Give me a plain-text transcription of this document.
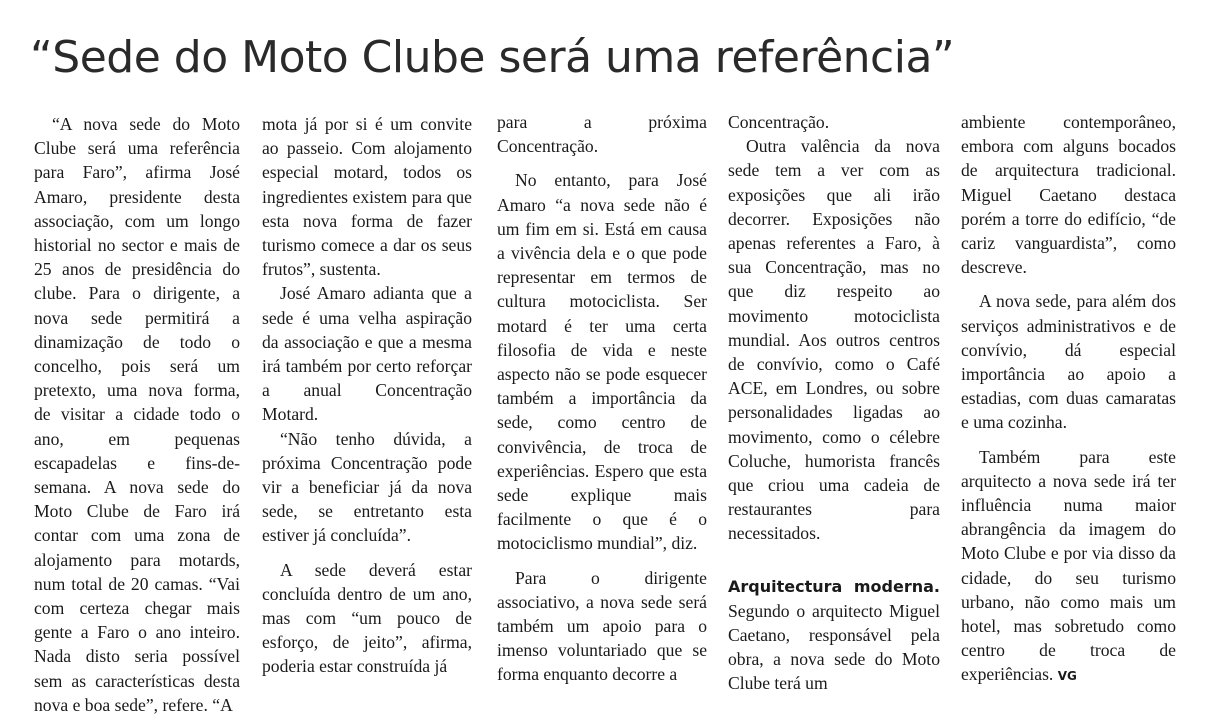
“Sede do Moto Clube será uma referência”

“A nova sede do Moto Clube será uma referência para Faro”, afirma José Amaro, presidente desta associação, com um longo historial no sector e mais de 25 anos de presidência do clube. Para o dirigente, a nova sede permitirá a dinamização de todo o concelho, pois será um pretexto, uma nova forma, de visitar a cidade todo o ano, em pequenas escapadelas e fins-de-semana. A nova sede do Moto Clube de Faro irá contar com uma zona de alojamento para motards, num total de 20 camas. “Vai com certeza chegar mais gente a Faro o ano inteiro. Nada disto seria possível sem as características desta nova e boa sede”, refere. “A

mota já por si é um convite ao passeio. Com alojamento especial motard, todos os ingredientes existem para que esta nova forma de fazer turismo comece a dar os seus frutos”, sustenta.

José Amaro adianta que a sede é uma velha aspiração da associação e que a mesma irá também por certo reforçar a anual Concentração Motard.

“Não tenho dúvida, a próxima Concentração pode vir a beneficiar já da nova sede, se entretanto esta estiver já concluída”.

A sede deverá estar concluída dentro de um ano, mas com “um pouco de esforço, de jeito”, afirma, poderia estar construída já

para a próxima Concentração.

No entanto, para José Amaro “a nova sede não é um fim em si. Está em causa a vivência dela e o que pode representar em termos de cultura motociclista. Ser motard é ter uma certa filosofia de vida e neste aspecto não se pode esquecer também a importância da sede, como centro de convivência, de troca de experiências. Espero que esta sede explique mais facilmente o que é o motociclismo mundial”, diz.

Para o dirigente associativo, a nova sede será também um apoio para o imenso voluntariado que se forma enquanto decorre a

Concentração.

Outra valência da nova sede tem a ver com as exposições que ali irão decorrer. Exposições não apenas referentes a Faro, à sua Concentração, mas no que diz respeito ao movimento motociclista mundial. Aos outros centros de convívio, como o Café ACE, em Londres, ou sobre personalidades ligadas ao movimento, como o célebre Coluche, humorista francês que criou uma cadeia de restaurantes para necessitados.

Arquitectura moderna. Segundo o arquitecto Miguel Caetano, responsável pela obra, a nova sede do Moto Clube terá um

ambiente contemporâneo, embora com alguns bocados de arquitectura tradicional. Miguel Caetano destaca porém a torre do edifício, “de cariz vanguardista”, como descreve.

A nova sede, para além dos serviços administrativos e de convívio, dá especial importância ao apoio a estadias, com duas camaratas e uma cozinha.

Também para este arquitecto a nova sede irá ter influência numa maior abrangência da imagem do Moto Clube e por via disso da cidade, do seu turismo urbano, não como mais um hotel, mas sobretudo como centro de troca de experiências. VG
